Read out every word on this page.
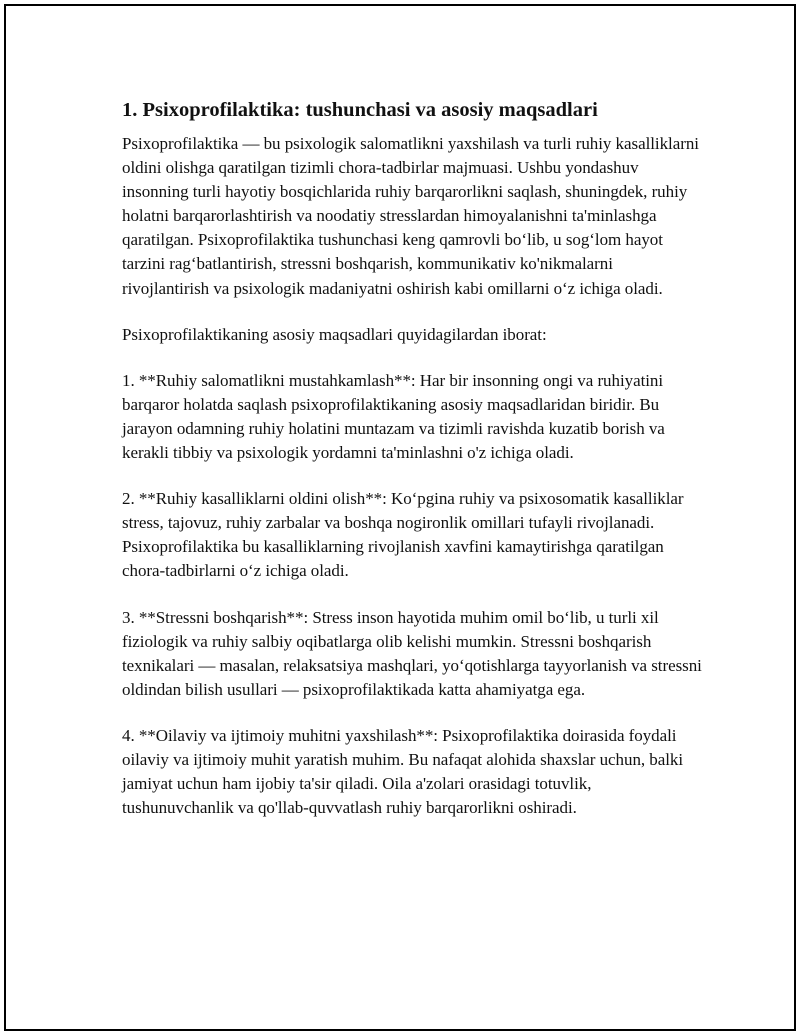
1. Psixoprofilaktika: tushunchasi va asosiy maqsadlari

Psixoprofilaktika — bu psixologik salomatlikni yaxshilash va turli ruhiy kasalliklarni oldini olishga qaratilgan tizimli chora-tadbirlar majmuasi. Ushbu yondashuv insonning turli hayotiy bosqichlarida ruhiy barqarorlikni saqlash, shuningdek, ruhiy holatni barqarorlashtirish va noodatiy stresslardan himoyalanishni ta'minlashga qaratilgan. Psixoprofilaktika tushunchasi keng qamrovli bo‘lib, u sog‘lom hayot tarzini rag‘batlantirish, stressni boshqarish, kommunikativ ko'nikmalarni rivojlantirish va psixologik madaniyatni oshirish kabi omillarni o‘z ichiga oladi.

Psixoprofilaktikaning asosiy maqsadlari quyidagilardan iborat:

1. **Ruhiy salomatlikni mustahkamlash**: Har bir insonning ongi va ruhiyatini barqaror holatda saqlash psixoprofilaktikaning asosiy maqsadlaridan biridir. Bu jarayon odamning ruhiy holatini muntazam va tizimli ravishda kuzatib borish va kerakli tibbiy va psixologik yordamni ta'minlashni o'z ichiga oladi.

2. **Ruhiy kasalliklarni oldini olish**: Ko‘pgina ruhiy va psixosomatik kasalliklar stress, tajovuz, ruhiy zarbalar va boshqa nogironlik omillari tufayli rivojlanadi. Psixoprofilaktika bu kasalliklarning rivojlanish xavfini kamaytirishga qaratilgan chora-tadbirlarni o‘z ichiga oladi.

3. **Stressni boshqarish**: Stress inson hayotida muhim omil bo‘lib, u turli xil fiziologik va ruhiy salbiy oqibatlarga olib kelishi mumkin. Stressni boshqarish texnikalari — masalan, relaksatsiya mashqlari, yo‘qotishlarga tayyorlanish va stressni oldindan bilish usullari — psixoprofilaktikada katta ahamiyatga ega.

4. **Oilaviy va ijtimoiy muhitni yaxshilash**: Psixoprofilaktika doirasida foydali oilaviy va ijtimoiy muhit yaratish muhim. Bu nafaqat alohida shaxslar uchun, balki jamiyat uchun ham ijobiy ta'sir qiladi. Oila a'zolari orasidagi totuvlik, tushunuvchanlik va qo'llab-quvvatlash ruhiy barqarorlikni oshiradi.
